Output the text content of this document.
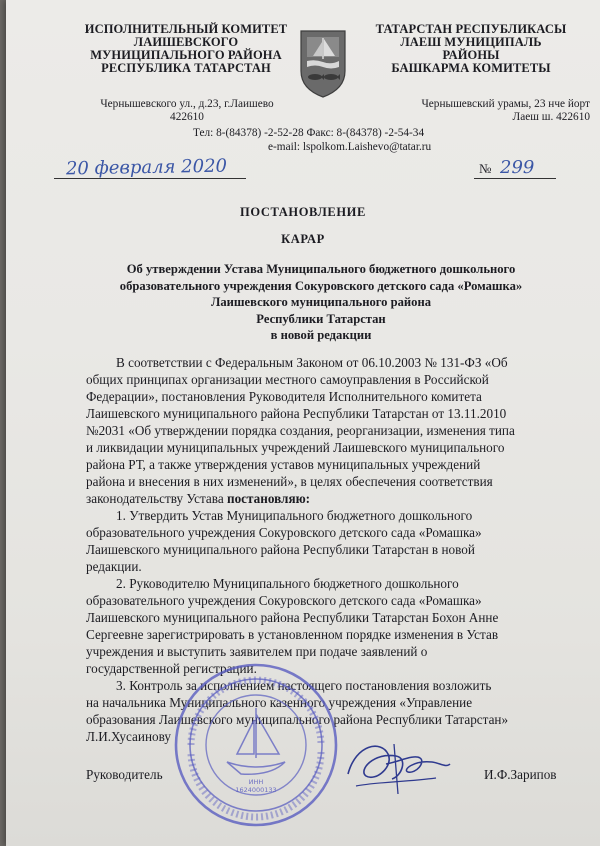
ИСПОЛНИТЕЛЬНЫЙ КОМИТЕТ
ЛАИШЕВСКОГО
МУНИЦИПАЛЬНОГО РАЙОНА
РЕСПУБЛИКА ТАТАРСТАН
ТАТАРСТАН РЕСПУБЛИКАСЫ
ЛАЕШ МУНИЦИПАЛЬ
РАЙОНЫ
БАШКАРМА КОМИТЕТЫ
Чернышевского ул., д.23, г.Лаишево
422610
Чернышевский урамы, 23 нче йорт
Лаеш ш. 422610
Тел: 8-(84378) -2-52-28 Факс: 8-(84378) -2-54-34
e-mail: lspolkom.Laishevo@tatar.ru
20 февраля 2020	№ 299
ПОСТАНОВЛЕНИЕ
КАРАР
Об утверждении Устава Муниципального бюджетного дошкольного
образовательного учреждения Сокуровского детского сада «Ромашка»
Лаишевского муниципального района
Республики Татарстан
в новой редакции
В соответствии с Федеральным Законом от 06.10.2003 № 131-ФЗ «Об
общих принципах организации местного самоуправления в Российской
Федерации», постановления Руководителя Исполнительного комитета
Лаишевского муниципального района Республики Татарстан от 13.11.2010
№2031 «Об утверждении порядка создания, реорганизации, изменения типа
и ликвидации муниципальных учреждений Лаишевского муниципального
района РТ, а также утверждения уставов муниципальных учреждений
района и внесения в них изменений», в целях обеспечения соответствия
законодательству Устава постановляю:
1. Утвердить Устав Муниципального бюджетного дошкольного
образовательного учреждения Сокуровского детского сада «Ромашка»
Лаишевского муниципального района Республики Татарстан в новой
редакции.
2. Руководителю Муниципального бюджетного дошкольного
образовательного учреждения Сокуровского детского сада «Ромашка»
Лаишевского муниципального района Республики Татарстан Бохон Анне
Сергеевне зарегистрировать в установленном порядке изменения в Устав
учреждения и выступить заявителем при подаче заявлений о
государственной регистрации.
3. Контроль за исполнением настоящего постановления возложить
на начальника Муниципального казенного учреждения «Управление
образования Лаишевского муниципального района Республики Татарстан»
Л.И.Хусаинову
Руководитель	И.Ф.Зарипов
ИНН
1624000133
